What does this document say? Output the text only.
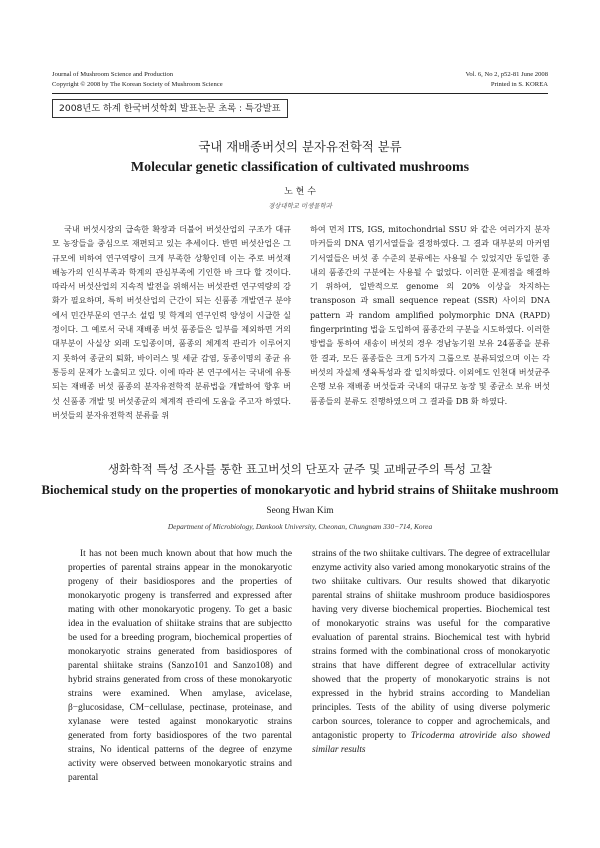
Journal of Mushroom Science and Production
Copyright © 2008 by The Korean Society of Mushroom Science
Vol. 6, No 2, p52-81 June 2008
Printed in S. KOREA
2008년도 하계 한국버섯학회 발표논문 초록 : 특강발표
국내 재배종버섯의 분자유전학적 분류
Molecular genetic classification of cultivated mushrooms
노 현 수
경상대학교 미생물학과

국내 버섯시장의 급속한 확장과 더불어 버섯산업의 구조가 대규모 농장들을 중심으로 재편되고 있는 추세이다. 반면 버섯산업은 그 규모에 비하여 연구역량이 크게 부족한 상황인데 이는 주로 버섯재배농가의 인식부족과 학계의 관심부족에 기인한 바 크다 할 것이다. 따라서 버섯산업의 지속적 발전을 위해서는 버섯관련 연구역량의 강화가 필요하며, 특히 버섯산업의 근간이 되는 신품종 개발연구 분야에서 민간부문의 연구소 설립 및 학계의 연구인력 양성이 시급한 실정이다. 그 예로서 국내 재배종 버섯 품종들은 일부를 제외하면 거의 대부분이 사실상 외래 도입종이며, 품종의 체계적 관리가 이루어지지 못하여 종균의 퇴화, 바이러스 및 세균 감염, 동종이명의 종균 유통등의 문제가 노출되고 있다. 이에 따라 본 연구에서는 국내에 유통되는 재배종 버섯 품종의 분자유전학적 분류법을 개발하여 향후 버섯 신품종 개발 및 버섯종균의 체계적 관리에 도움을 주고자 하였다. 버섯들의 분자유전학적 분류를 위

하여 먼저 ITS, IGS, mitochondrial SSU 와 같은 여러가지 분자마커들의 DNA 염기서열들을 결정하였다. 그 결과 대부분의 마커염기서열들은 버섯 종 수준의 분류에는 사용될 수 있었지만 동일한 종 내의 품종간의 구분에는 사용될 수 없었다. 이러한 문제점을 해결하기 위하여, 일반적으로 genome 의 20% 이상을 차지하는 transposon 과 small sequence repeat (SSR) 사이의 DNA pattern 과 random amplified polymorphic DNA (RAPD) fingerprinting 법을 도입하여 품종간의 구분을 시도하였다. 이러한 방법을 통하여 새송이 버섯의 경우 경남농기원 보유 24품종을 분류한 결과, 모든 품종들은 크게 5가지 그룹으로 분류되었으며 이는 각 버섯의 자실체 생육특성과 잘 일치하였다. 이외에도 인천대 버섯균주은행 보유 재배종 버섯들과 국내의 대규모 농장 및 종균소 보유 버섯 품종들의 분류도 진행하였으며 그 결과를 DB 화 하였다.

생화학적 특성 조사를 통한 표고버섯의 단포자 균주 및 교배균주의 특성 고찰
Biochemical study on the properties of monokaryotic and hybrid strains of Shiitake mushroom
Seong Hwan Kim
Department of Microbiology, Dankook University, Cheonan, Chungnam 330−714, Korea

It has not been much known about that how much the properties of parental strains appear in the monokaryotic progeny of their basidiospores and the properties of monokaryotic progeny is transferred and expressed after mating with other monokaryotic progeny. To get a basic idea in the evaluation of shiitake strains that are subjectto be used for a breeding program, biochemical properties of monokaryotic strains generated from basidiospores of parental shiitake strains (Sanzo101 and Sanzo108) and hybrid strains generated from cross of these monokaryotic strains were examined. When amylase, avicelase, β−glucosidase, CM−cellulase, pectinase, proteinase, and xylanase were tested against monokaryotic strains generated from forty basidiospores of the two parental strains, No identical patterns of the degree of enzyme activity were observed between monokaryotic strains and parental

strains of the two shiitake cultivars. The degree of extracellular enzyme activity also varied among monokaryotic strains of the two shiitake cultivars. Our results showed that dikaryotic parental strains of shiitake mushroom produce basidiospores having very diverse biochemical properties. Biochemical test of monokaryotic strains was useful for the comparative evaluation of parental strains. Biochemical test with hybrid strains formed with the combinational cross of monokaryotic strains that have different degree of extracellular activity showed that the property of monokaryotic strains is not expressed in the hybrid strains according to Mandelian principles. Tests of the ability of using diverse polymeric carbon sources, tolerance to copper and agrochemicals, and antagonistic property to Tricoderma atroviride also showed similar results
